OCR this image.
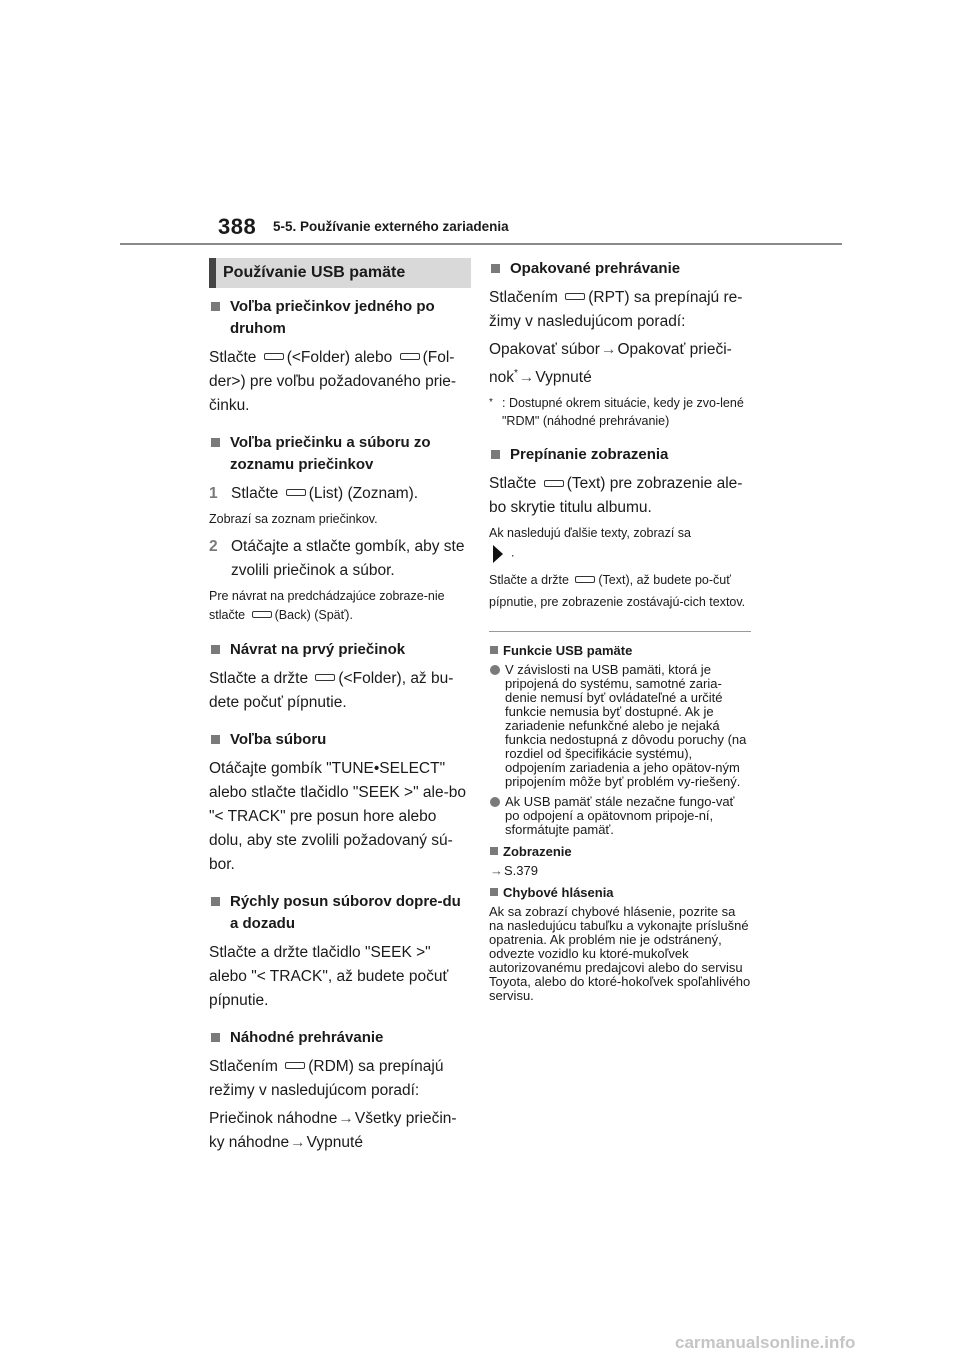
388 5-5. Používanie externého zariadenia
Používanie USB pamäte
Voľba priečinkov jedného po druhom
Stlačte (<Folder) alebo (Fol-der>) pre voľbu požadovaného prie-činku.
Voľba priečinku a súboru zo zoznamu priečinkov
1 Stlačte (List) (Zoznam).
Zobrazí sa zoznam priečinkov.
2 Otáčajte a stlačte gombík, aby ste zvolili priečinok a súbor.
Pre návrat na predchádzajúce zobraze-nie stlačte (Back) (Späť).
Návrat na prvý priečinok
Stlačte a držte (<Folder), až bu-dete počuť pípnutie.
Voľba súboru
Otáčajte gombík "TUNE•SELECT" alebo stlačte tlačidlo "SEEK >" ale-bo "< TRACK" pre posun hore alebo dolu, aby ste zvolili požadovaný sú-bor.
Rýchly posun súborov dopre-du a dozadu
Stlačte a držte tlačidlo "SEEK >" alebo "< TRACK", až budete počuť pípnutie.
Náhodné prehrávanie
Stlačením (RDM) sa prepínajú režimy v nasledujúcom poradí:
Priečinok náhodne→Všetky priečin-ky náhodne→Vypnuté
Opakované prehrávanie
Stlačením (RPT) sa prepínajú re-žimy v nasledujúcom poradí:
Opakovať súbor→Opakovať prieči-nok*→Vypnuté
* : Dostupné okrem situácie, kedy je zvo-lené "RDM" (náhodné prehrávanie)
Prepínanie zobrazenia
Stlačte (Text) pre zobrazenie ale-bo skrytie titulu albumu.
Ak nasledujú ďalšie texty, zobrazí sa
.
Stlačte a držte (Text), až budete po-čuť pípnutie, pre zobrazenie zostávajú-cich textov.
Funkcie USB pamäte
V závislosti na USB pamäti, ktorá je pripojená do systému, samotné zaria-denie nemusí byť ovládateľné a určité funkcie nemusia byť dostupné. Ak je zariadenie nefunkčné alebo je nejaká funkcia nedostupná z dôvodu poruchy (na rozdiel od špecifikácie systému), odpojením zariadenia a jeho opätov-ným pripojením môže byť problém vy-riešený.
Ak USB pamäť stále nezačne fungo-vať po odpojení a opätovnom pripoje-ní, sformátujte pamäť.
Zobrazenie
→S.379
Chybové hlásenia
Ak sa zobrazí chybové hlásenie, pozrite sa na nasledujúcu tabuľku a vykonajte príslušné opatrenia. Ak problém nie je odstránený, odvezte vozidlo ku ktoré-mukoľvek autorizovanému predajcovi alebo do servisu Toyota, alebo do ktoré-hokoľvek spoľahlivého servisu.
carmanualsonline.info
